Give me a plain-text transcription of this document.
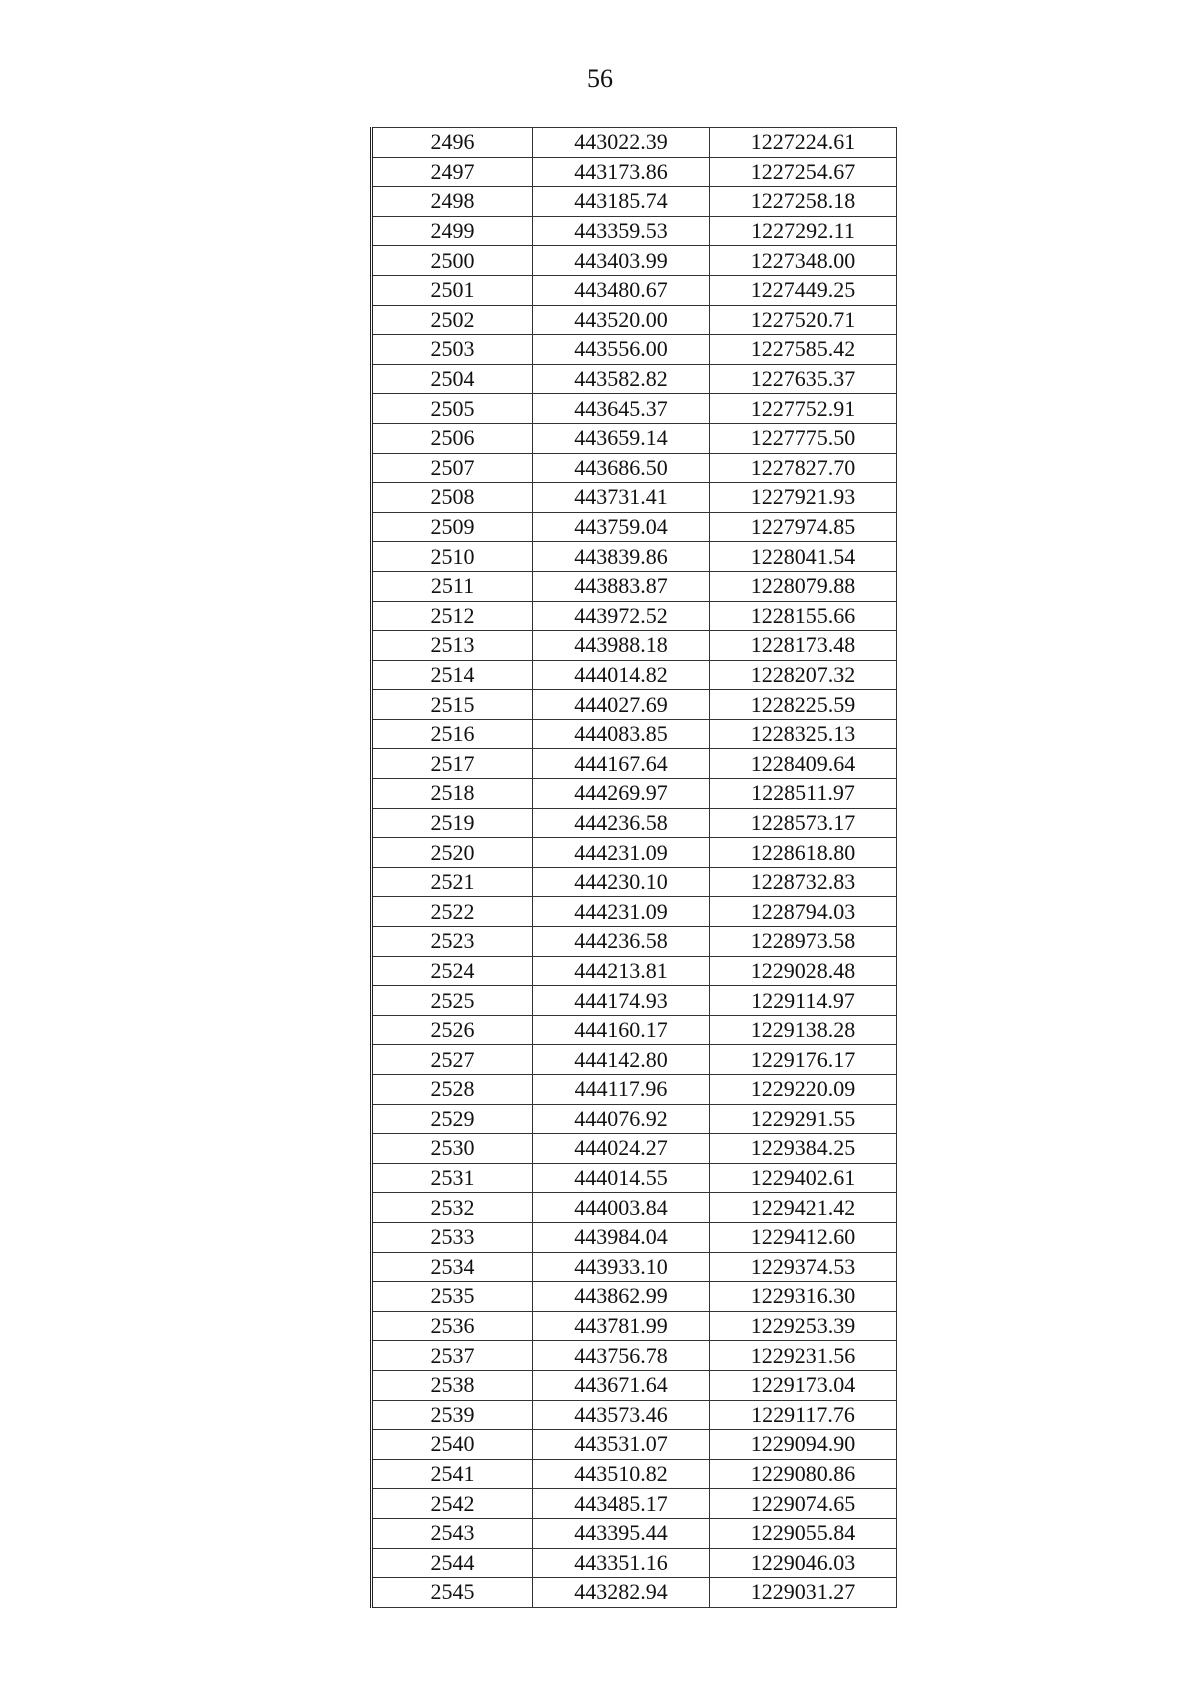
56
2496	443022.39	1227224.61
2497	443173.86	1227254.67
2498	443185.74	1227258.18
2499	443359.53	1227292.11
2500	443403.99	1227348.00
2501	443480.67	1227449.25
2502	443520.00	1227520.71
2503	443556.00	1227585.42
2504	443582.82	1227635.37
2505	443645.37	1227752.91
2506	443659.14	1227775.50
2507	443686.50	1227827.70
2508	443731.41	1227921.93
2509	443759.04	1227974.85
2510	443839.86	1228041.54
2511	443883.87	1228079.88
2512	443972.52	1228155.66
2513	443988.18	1228173.48
2514	444014.82	1228207.32
2515	444027.69	1228225.59
2516	444083.85	1228325.13
2517	444167.64	1228409.64
2518	444269.97	1228511.97
2519	444236.58	1228573.17
2520	444231.09	1228618.80
2521	444230.10	1228732.83
2522	444231.09	1228794.03
2523	444236.58	1228973.58
2524	444213.81	1229028.48
2525	444174.93	1229114.97
2526	444160.17	1229138.28
2527	444142.80	1229176.17
2528	444117.96	1229220.09
2529	444076.92	1229291.55
2530	444024.27	1229384.25
2531	444014.55	1229402.61
2532	444003.84	1229421.42
2533	443984.04	1229412.60
2534	443933.10	1229374.53
2535	443862.99	1229316.30
2536	443781.99	1229253.39
2537	443756.78	1229231.56
2538	443671.64	1229173.04
2539	443573.46	1229117.76
2540	443531.07	1229094.90
2541	443510.82	1229080.86
2542	443485.17	1229074.65
2543	443395.44	1229055.84
2544	443351.16	1229046.03
2545	443282.94	1229031.27
